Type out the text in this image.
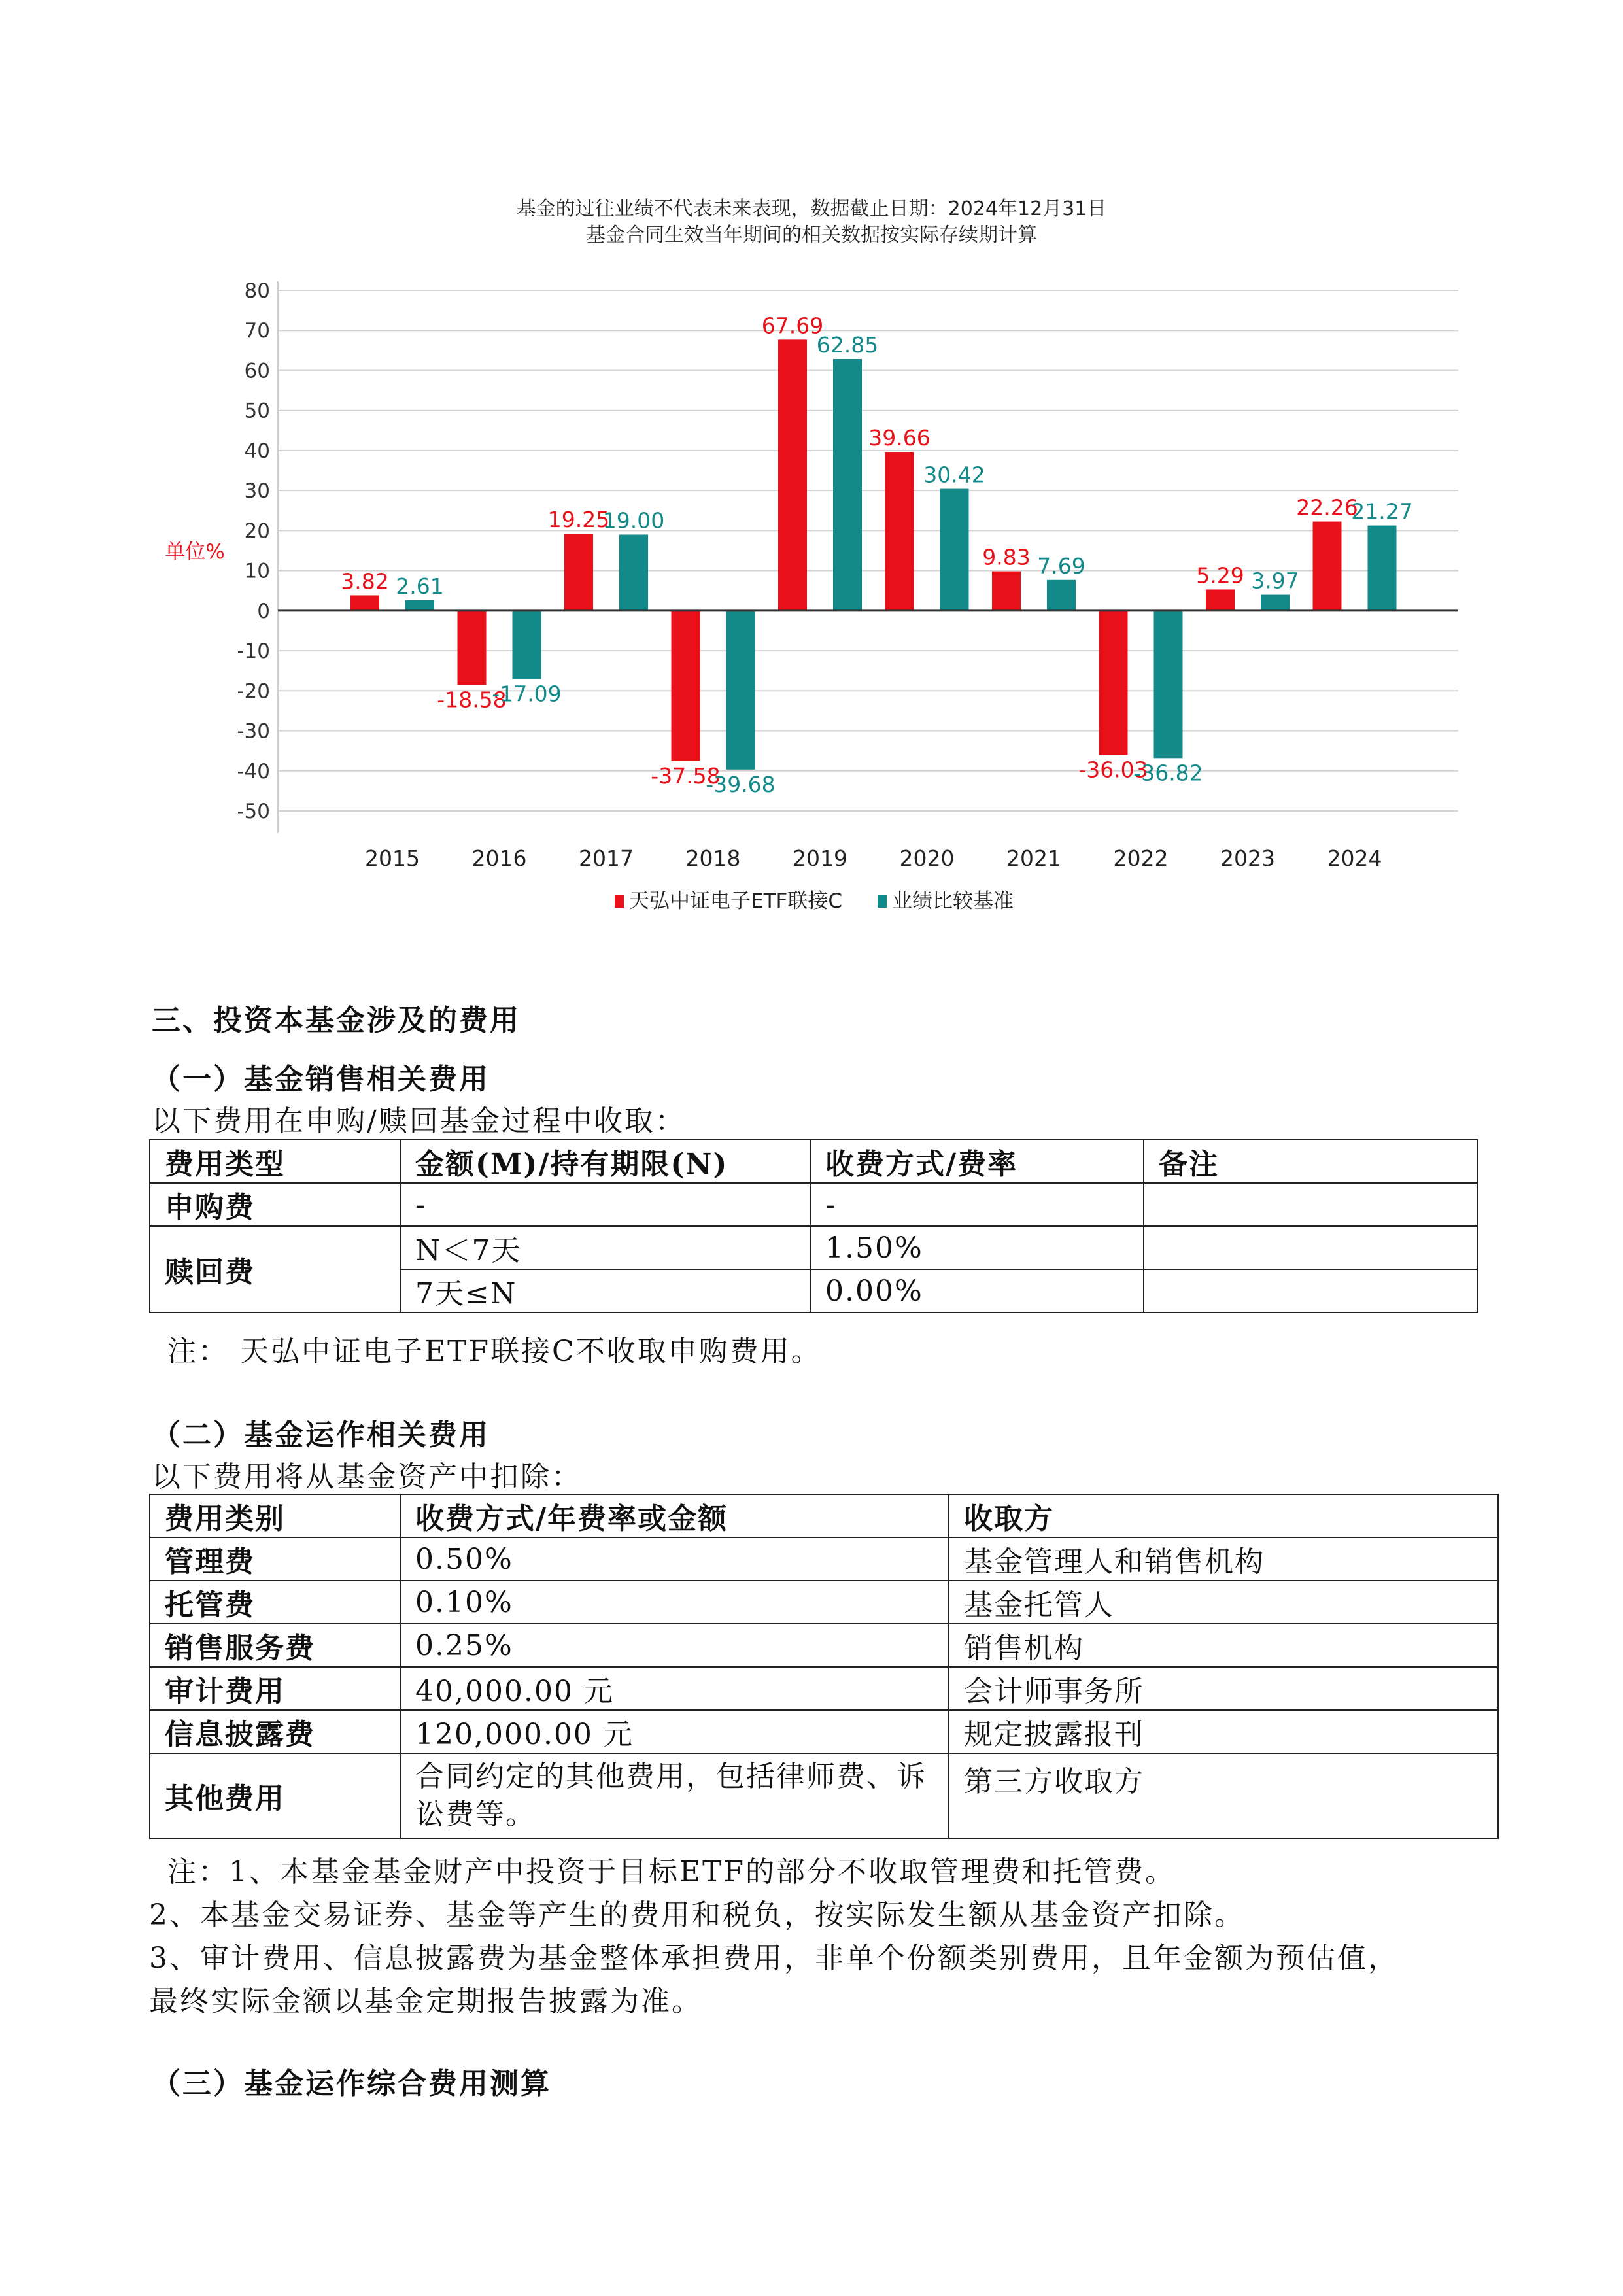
基金的过往业绩不代表未来表现，数据截止日期：2024年12月31日
基金合同生效当年期间的相关数据按实际存续期计算
80
70
60
50
40
30
20
10
0
-10
-20
-30
-40
-50
单位%
3.82 2.61
2015
-18.58
-17.09
2016
19.25
19.00
2017
-37.58
-39.68
2018
67.69
62.85
2019
39.66
30.42
2020
9.83 7.69
2021
-36.03
-36.82
2022
5.29 3.97
2023
22.26
21.27
2024
天弘中证电子ETF联接C 业绩比较基准
三、投资本基金涉及的费用
（一）基金销售相关费用
以下费用在申购/赎回基金过程中收取：
费用类型	金额(M)/持有期限(N)	收费方式/费率	备注
申购费	-	-	
赎回费	N＜7天	1.50%	
	7天≤N	0.00%	
注： 天弘中证电子ETF联接C不收取申购费用。
（二）基金运作相关费用
以下费用将从基金资产中扣除：
费用类别	收费方式/年费率或金额	收取方
管理费	0.50%	基金管理人和销售机构
托管费	0.10%	基金托管人
销售服务费	0.25%	销售机构
审计费用	40,000.00 元	会计师事务所
信息披露费	120,000.00 元	规定披露报刊
其他费用	合同约定的其他费用，包括律师费、诉讼费等。	第三方收取方
注：1、本基金基金财产中投资于目标ETF的部分不收取管理费和托管费。
2、本基金交易证券、基金等产生的费用和税负，按实际发生额从基金资产扣除。
3、审计费用、信息披露费为基金整体承担费用，非单个份额类别费用，且年金额为预估值，
最终实际金额以基金定期报告披露为准。
（三）基金运作综合费用测算
